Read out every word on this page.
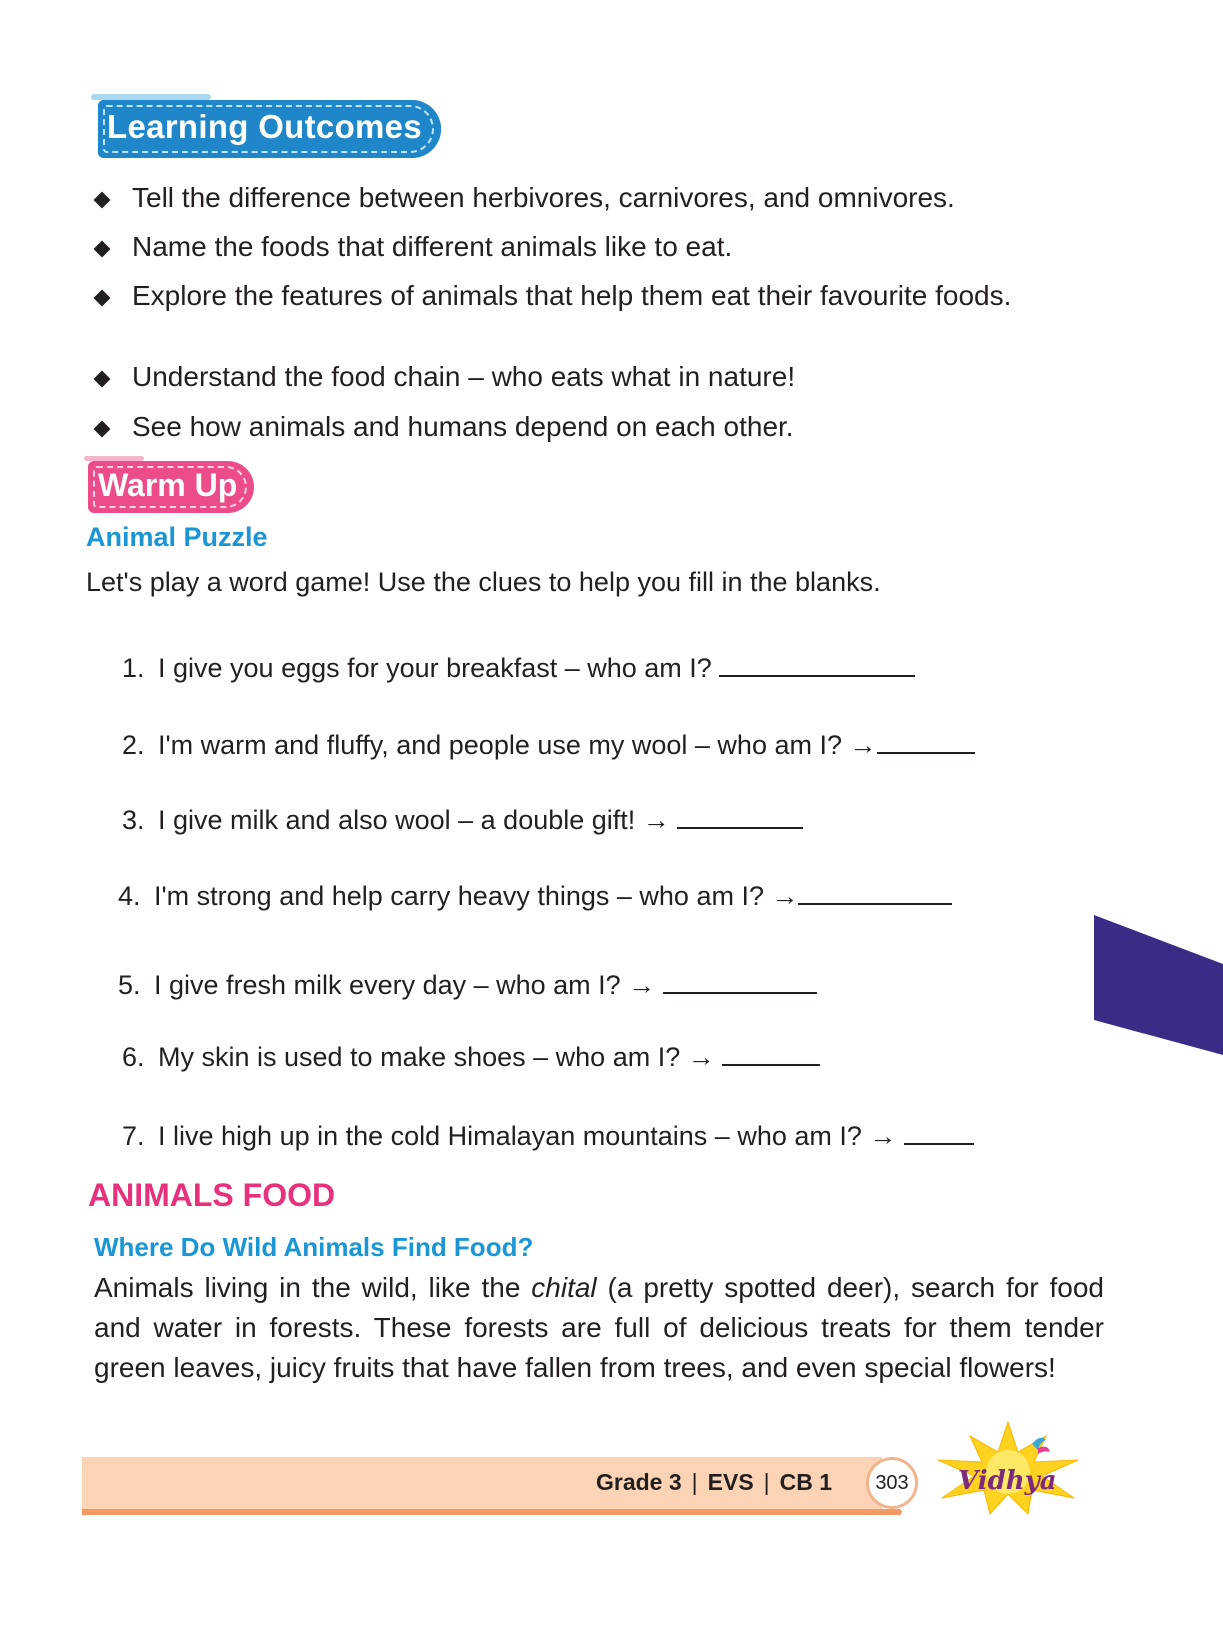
Learning Outcomes
Tell the difference between herbivores, carnivores, and omnivores.
Name the foods that different animals like to eat.
Explore the features of animals that help them eat their favourite foods.
Understand the food chain – who eats what in nature!
See how animals and humans depend on each other.
Warm Up
Animal Puzzle
Let's play a word game! Use the clues to help you fill in the blanks.
1. I give you eggs for your breakfast – who am I?
2. I'm warm and fluffy, and people use my wool – who am I? →
3. I give milk and also wool – a double gift! →
4. I'm strong and help carry heavy things – who am I? →
5. I give fresh milk every day – who am I? →
6. My skin is used to make shoes – who am I? →
7. I live high up in the cold Himalayan mountains – who am I? →
ANIMALS FOOD
Where Do Wild Animals Find Food?
Animals living in the wild, like the chital (a pretty spotted deer), search for food and water in forests. These forests are full of delicious treats for them tender green leaves, juicy fruits that have fallen from trees, and even special flowers!
Grade 3 | EVS | CB 1	303	Vidhya
